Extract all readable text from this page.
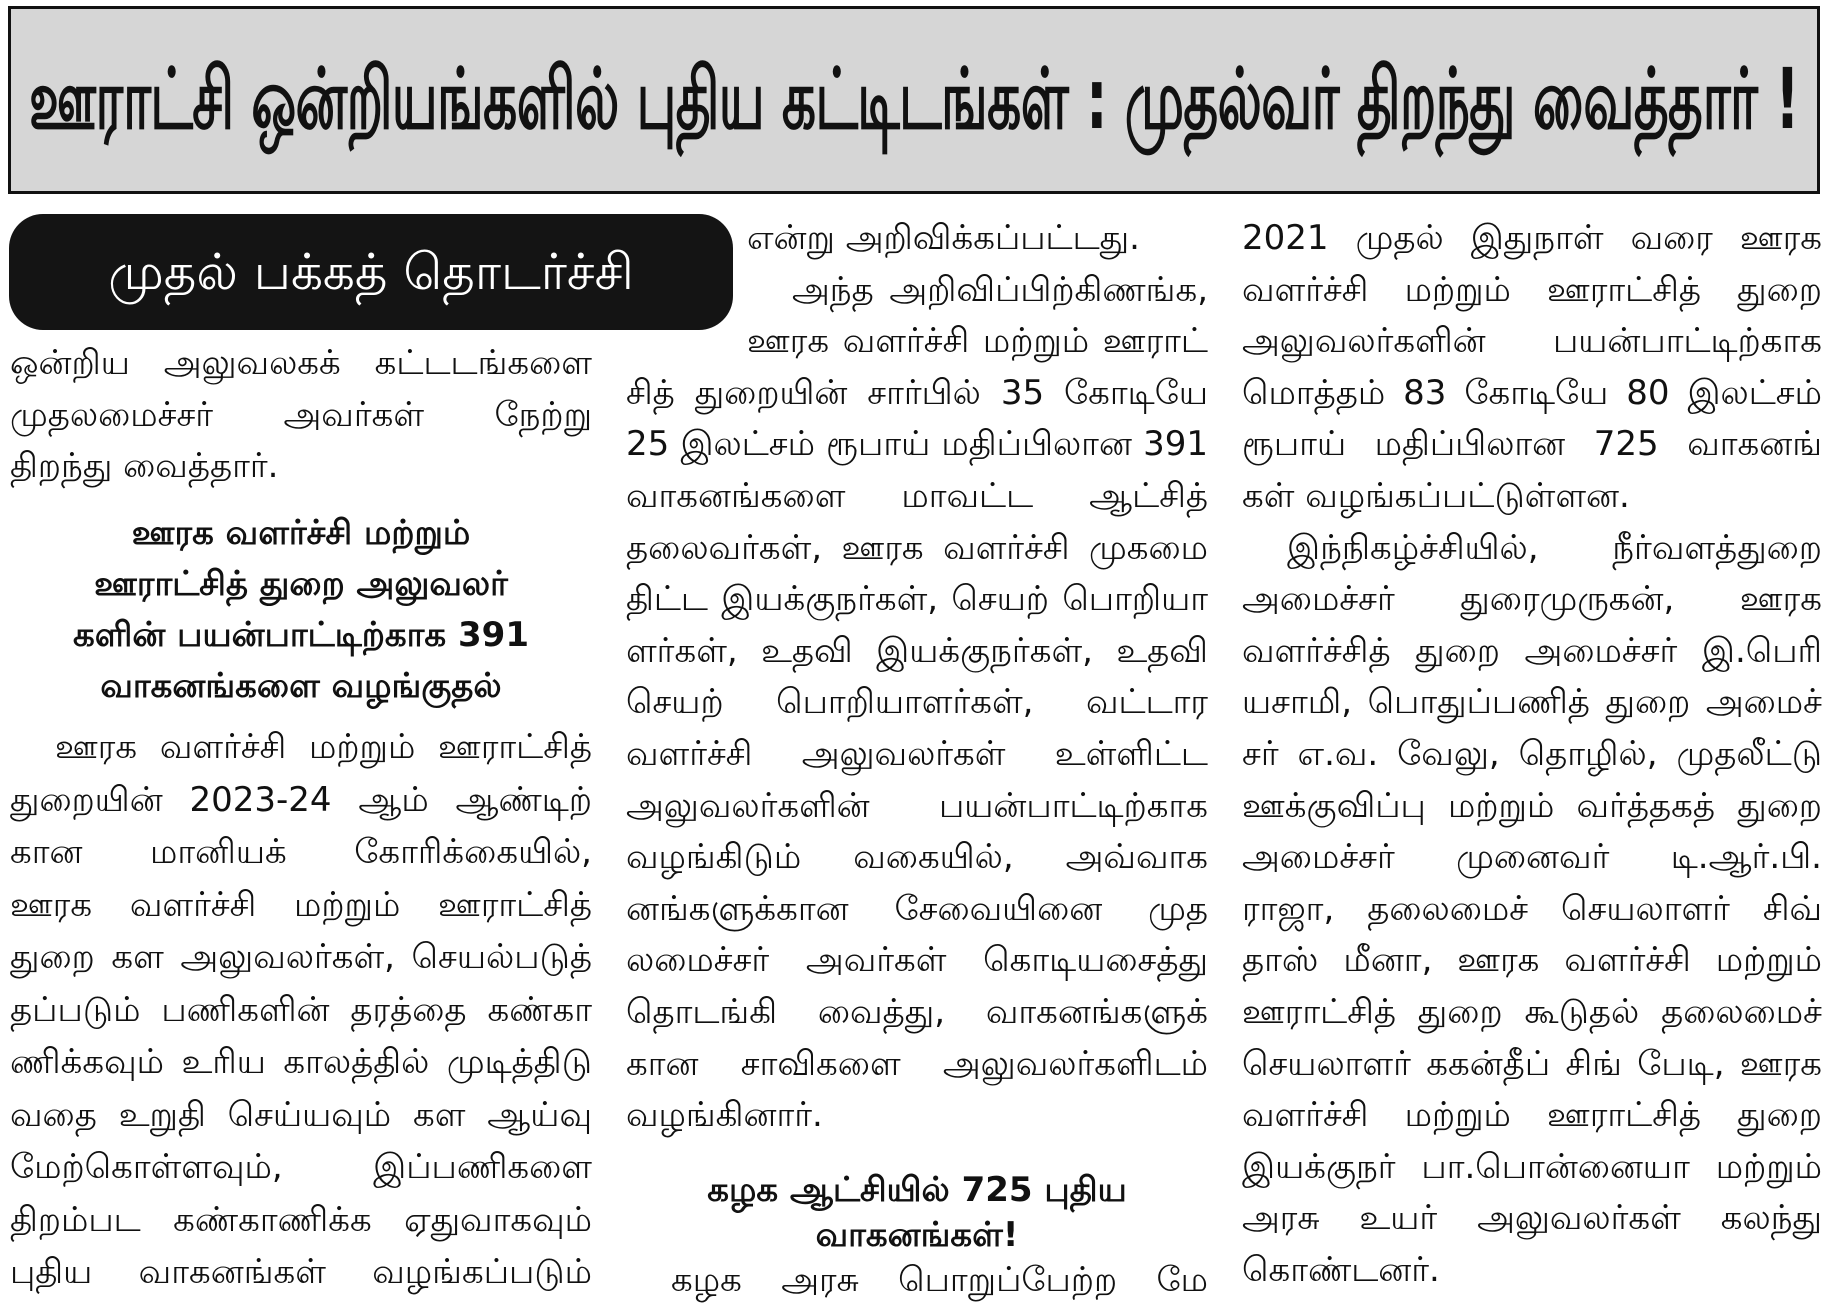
ஊராட்சி ஒன்றியங்களில் புதிய கட்டிடங்கள் : முதல்வர் திறந்து வைத்தார் !
முதல் பக்கத் தொடர்ச்சி
ஒன்றிய அலுவலகக் கட்டடங்களை
முதலமைச்சர் அவர்கள் நேற்று
திறந்து வைத்தார்.
ஊரக வளர்ச்சி மற்றும்
ஊராட்சித் துறை அலுவலர்
களின் பயன்பாட்டிற்காக 391
வாகனங்களை வழங்குதல்
ஊரக வளர்ச்சி மற்றும் ஊராட்சித்
துறையின் 2023-24 ஆம் ஆண்டிற்
கான மானியக் கோரிக்கையில்,
ஊரக வளர்ச்சி மற்றும் ஊராட்சித்
துறை கள அலுவலர்கள், செயல்படுத்
தப்படும் பணிகளின் தரத்தை கண்கா
ணிக்கவும் உரிய காலத்தில் முடித்திடு
வதை உறுதி செய்யவும் கள ஆய்வு
மேற்கொள்ளவும், இப்பணிகளை
திறம்பட கண்காணிக்க ஏதுவாகவும்
புதிய வாகனங்கள் வழங்கப்படும்
என்று அறிவிக்கப்பட்டது.
அந்த அறிவிப்பிற்கிணங்க,
ஊரக வளர்ச்சி மற்றும் ஊராட்
சித் துறையின் சார்பில் 35 கோடியே
25 இலட்சம் ரூபாய் மதிப்பிலான 391
வாகனங்களை மாவட்ட ஆட்சித்
தலைவர்கள், ஊரக வளர்ச்சி முகமை
திட்ட இயக்குநர்கள், செயற் பொறியா
ளர்கள், உதவி இயக்குநர்கள், உதவி
செயற் பொறியாளர்கள், வட்டார
வளர்ச்சி அலுவலர்கள் உள்ளிட்ட
அலுவலர்களின் பயன்பாட்டிற்காக
வழங்கிடும் வகையில், அவ்வாக
னங்களுக்கான சேவையினை முத
லமைச்சர் அவர்கள் கொடியசைத்து
தொடங்கி வைத்து, வாகனங்களுக்
கான சாவிகளை அலுவலர்களிடம்
வழங்கினார்.
கழக ஆட்சியில் 725 புதிய
வாகனங்கள்!
கழக அரசு பொறுப்பேற்ற மே
2021 முதல் இதுநாள் வரை ஊரக
வளர்ச்சி மற்றும் ஊராட்சித் துறை
அலுவலர்களின் பயன்பாட்டிற்காக
மொத்தம் 83 கோடியே 80 இலட்சம்
ரூபாய் மதிப்பிலான 725 வாகனங்
கள் வழங்கப்பட்டுள்ளன.
இந்நிகழ்ச்சியில், நீர்வளத்துறை
அமைச்சர் துரைமுருகன், ஊரக
வளர்ச்சித் துறை அமைச்சர் இ.பெரி
யசாமி, பொதுப்பணித் துறை அமைச்
சர் எ.வ. வேலு, தொழில், முதலீட்டு
ஊக்குவிப்பு மற்றும் வர்த்தகத் துறை
அமைச்சர் முனைவர் டி.ஆர்.பி.
ராஜா, தலைமைச் செயலாளர் சிவ்
தாஸ் மீனா, ஊரக வளர்ச்சி மற்றும்
ஊராட்சித் துறை கூடுதல் தலைமைச்
செயலாளர் ககன்தீப் சிங் பேடி, ஊரக
வளர்ச்சி மற்றும் ஊராட்சித் துறை
இயக்குநர் பா.பொன்னையா மற்றும்
அரசு உயர் அலுவலர்கள் கலந்து
கொண்டனர்.
